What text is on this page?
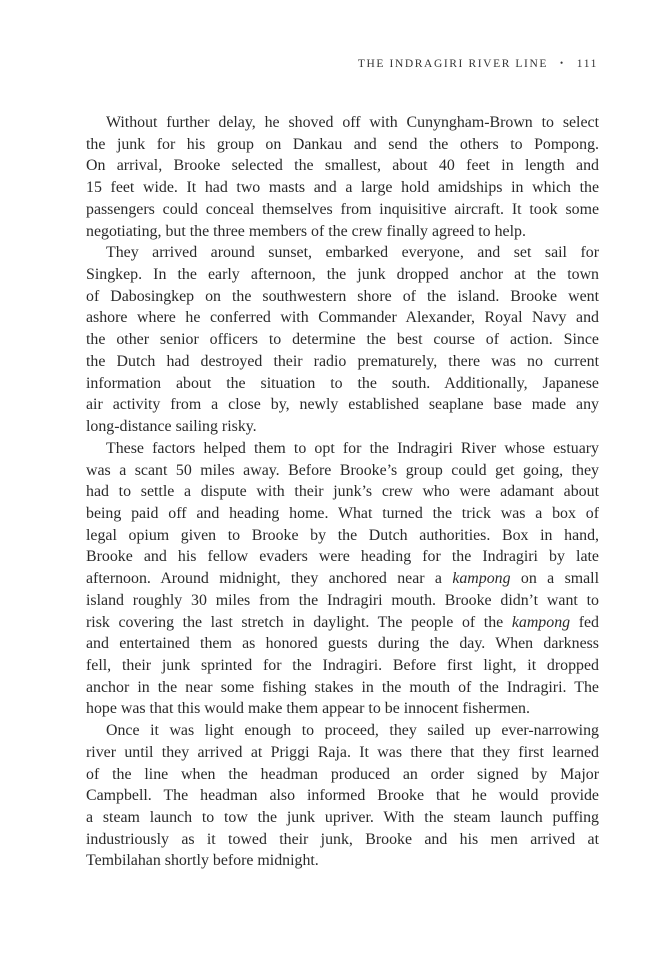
THE INDRAGIRI RIVER LINE • 111
Without further delay, he shoved off with Cunyngham-Brown to select
the junk for his group on Dankau and send the others to Pompong.
On arrival, Brooke selected the smallest, about 40 feet in length and
15 feet wide. It had two masts and a large hold amidships in which the
passengers could conceal themselves from inquisitive aircraft. It took some
negotiating, but the three members of the crew finally agreed to help.
They arrived around sunset, embarked everyone, and set sail for
Singkep. In the early afternoon, the junk dropped anchor at the town
of Dabosingkep on the southwestern shore of the island. Brooke went
ashore where he conferred with Commander Alexander, Royal Navy and
the other senior officers to determine the best course of action. Since
the Dutch had destroyed their radio prematurely, there was no current
information about the situation to the south. Additionally, Japanese
air activity from a close by, newly established seaplane base made any
long-distance sailing risky.
These factors helped them to opt for the Indragiri River whose estuary
was a scant 50 miles away. Before Brooke’s group could get going, they
had to settle a dispute with their junk’s crew who were adamant about
being paid off and heading home. What turned the trick was a box of
legal opium given to Brooke by the Dutch authorities. Box in hand,
Brooke and his fellow evaders were heading for the Indragiri by late
afternoon. Around midnight, they anchored near a kampong on a small
island roughly 30 miles from the Indragiri mouth. Brooke didn’t want to
risk covering the last stretch in daylight. The people of the kampong fed
and entertained them as honored guests during the day. When darkness
fell, their junk sprinted for the Indragiri. Before first light, it dropped
anchor in the near some fishing stakes in the mouth of the Indragiri. The
hope was that this would make them appear to be innocent fishermen.
Once it was light enough to proceed, they sailed up ever-narrowing
river until they arrived at Priggi Raja. It was there that they first learned
of the line when the headman produced an order signed by Major
Campbell. The headman also informed Brooke that he would provide
a steam launch to tow the junk upriver. With the steam launch puffing
industriously as it towed their junk, Brooke and his men arrived at
Tembilahan shortly before midnight.
